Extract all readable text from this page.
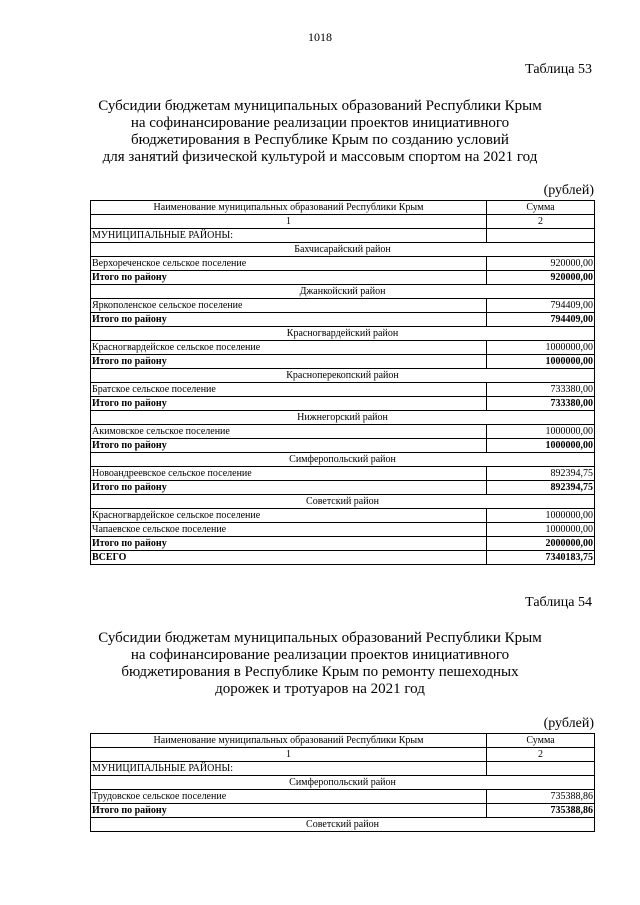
1018
Таблица 53
Субсидии бюджетам муниципальных образований Республики Крым
на софинансирование реализации проектов инициативного
бюджетирования в Республике Крым по созданию условий
для занятий физической культурой и массовым спортом на 2021 год
(рублей)
Наименование муниципальных образований Республики Крым	Сумма
1	2
МУНИЦИПАЛЬНЫЕ РАЙОНЫ:	
Бахчисарайский район	
Верхореченское сельское поселение	920000,00
Итого по району	920000,00
Джанкойский район	
Яркополенское сельское поселение	794409,00
Итого по району	794409,00
Красногвардейский район	
Красногвардейское сельское поселение	1000000,00
Итого по району	1000000,00
Красноперекопский район	
Братское сельское поселение	733380,00
Итого по району	733380,00
Нижнегорский район	
Акимовское сельское поселение	1000000,00
Итого по району	1000000,00
Симферопольский район	
Новоандреевское сельское поселение	892394,75
Итого по району	892394,75
Советский район	
Красногвардейское сельское поселение	1000000,00
Чапаевское сельское поселение	1000000,00
Итого по району	2000000,00
ВСЕГО	7340183,75
Таблица 54
Субсидии бюджетам муниципальных образований Республики Крым
на софинансирование реализации проектов инициативного
бюджетирования в Республике Крым по ремонту пешеходных
дорожек и тротуаров на 2021 год
(рублей)
Наименование муниципальных образований Республики Крым	Сумма
1	2
МУНИЦИПАЛЬНЫЕ РАЙОНЫ:	
Симферопольский район	
Трудовское сельское поселение	735388,86
Итого по району	735388,86
Советский район	
